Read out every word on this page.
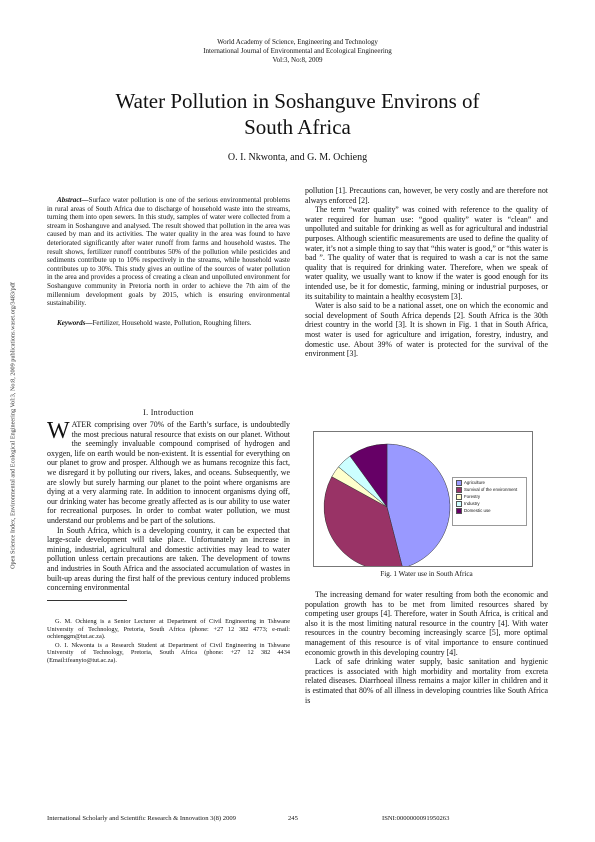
World Academy of Science, Engineering and Technology
International Journal of Environmental and Ecological Engineering
Vol:3, No:8, 2009
Water Pollution in Soshanguve Environs of
South Africa
O. I. Nkwonta, and G. M. Ochieng
Open Science Index, Environmental and Ecological Engineering Vol:3, No:8, 2009 publications.waset.org/3483/pdf

Abstract—Surface water pollution is one of the serious environmental problems in rural areas of South Africa due to discharge of household waste into the streams, turning them into open sewers. In this study, samples of water were collected from a stream in Soshanguve and analysed. The result showed that pollution in the area was caused by man and its activities. The water quality in the area was found to have deteriorated significantly after water runoff from farms and household wastes. The result shows, fertilizer runoff contributes 50% of the pollution while pesticides and sediments contribute up to 10% respectively in the streams, while household waste contributes up to 30%. This study gives an outline of the sources of water pollution in the area and provides a process of creating a clean and unpolluted environment for Soshanguve community in Pretoria north in order to achieve the 7th aim of the millennium development goals by 2015, which is ensuring environmental sustainability.

Keywords—Fertilizer, Household waste, Pollution, Roughing filters.

I. Introduction

WATER comprising over 70% of the Earth’s surface, is undoubtedly the most precious natural resource that exists on our planet. Without the seemingly invaluable compound comprised of hydrogen and oxygen, life on earth would be non-existent. It is essential for everything on our planet to grow and prosper. Although we as humans recognize this fact, we disregard it by polluting our rivers, lakes, and oceans. Subsequently, we are slowly but surely harming our planet to the point where organisms are dying at a very alarming rate. In addition to innocent organisms dying off, our drinking water has become greatly affected as is our ability to use water for recreational purposes. In order to combat water pollution, we must understand our problems and be part of the solutions.

In South Africa, which is a developing country, it can be expected that large-scale development will take place. Unfortunately an increase in mining, industrial, agricultural and domestic activities may lead to water pollution unless certain precautions are taken. The development of towns and industries in South Africa and the associated accumulation of wastes in built-up areas during the first half of the previous century induced problems concerning environmental

G. M. Ochieng is a Senior Lecturer at Department of Civil Engineering in Tshwane University of Technology, Pretoria, South Africa (phone: +27 12 382 4773; e-mail: ochienggm@tut.ac.za).

O. I. Nkwonta is a Research Student at Department of Civil Engineering in Tshwane University of Technology, Pretoria, South Africa (phone: +27 12 382 4434 (Email:ifeanyio@tut.ac.za).

pollution [1]. Precautions can, however, be very costly and are therefore not always enforced [2].

The term “water quality” was coined with reference to the quality of water required for human use: “good quality” water is “clean” and unpolluted and suitable for drinking as well as for agricultural and industrial purposes. Although scientific measurements are used to define the quality of water, it’s not a simple thing to say that “this water is good,” or “this water is bad ”. The quality of water that is required to wash a car is not the same quality that is required for drinking water. Therefore, when we speak of water quality, we usually want to know if the water is good enough for its intended use, be it for domestic, farming, mining or industrial purposes, or its suitability to maintain a healthy ecosystem [3].

Water is also said to be a national asset, one on which the economic and social development of South Africa depends [2]. South Africa is the 30th driest country in the world [3]. It is shown in Fig. 1 that in South Africa, most water is used for agriculture and irrigation, forestry, industry, and domestic use. About 39% of water is protected for the survival of the environment [3].

Agriculture
Survival of the environment
Forestry
Industry
Domestic use
Fig. 1 Water use in South Africa

The increasing demand for water resulting from both the economic and population growth has to be met from limited resources shared by competing user groups [4]. Therefore, water in South Africa, is critical and also it is the most limiting natural resource in the country [4]. With water resources in the country becoming increasingly scarce [5], more optimal management of this resource is of vital importance to ensure continued economic growth in this developing country [4].

Lack of safe drinking water supply, basic sanitation and hygienic practices is associated with high morbidity and mortality from excreta related diseases. Diarrhoeal illness remains a major killer in children and it is estimated that 80% of all illness in developing countries like South Africa is

International Scholarly and Scientific Research & Innovation 3(8) 2009	245	ISNI:0000000091950263
